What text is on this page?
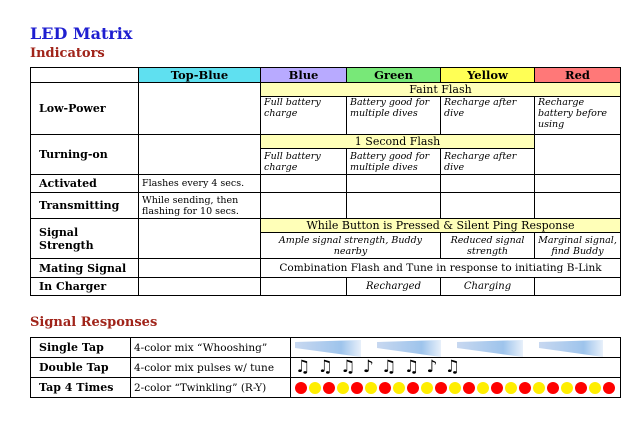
LED Matrix
Indicators
	Top-Blue	Blue	Green	Yellow	Red
Low-Power		Faint Flash			
		Full battery charge	Battery good for multiple dives	Recharge after dive	Recharge battery before using
Turning-on		1 Second Flash			
		Full battery charge	Battery good for multiple dives	Recharge after dive	
Activated	Flashes every 4 secs.				
Transmitting	While sending, then flashing for 10 secs.				
Signal Strength		While Button is Pressed & Silent Ping Response			
		Ample signal strength, Buddy nearby		Reduced signal strength	Marginal signal, find Buddy
Mating Signal		Combination Flash and Tune in response to initiating B-Link			
In Charger			Recharged	Charging	
Signal Responses
Single Tap	4-color mix “Whooshing”	

Double Tap	4-color mix pulses w/ tune	♫ ♫ ♫ ♪ ♫ ♫ ♪ ♫

Tap 4 Times	2-color “Twinkling” (R-Y)	
